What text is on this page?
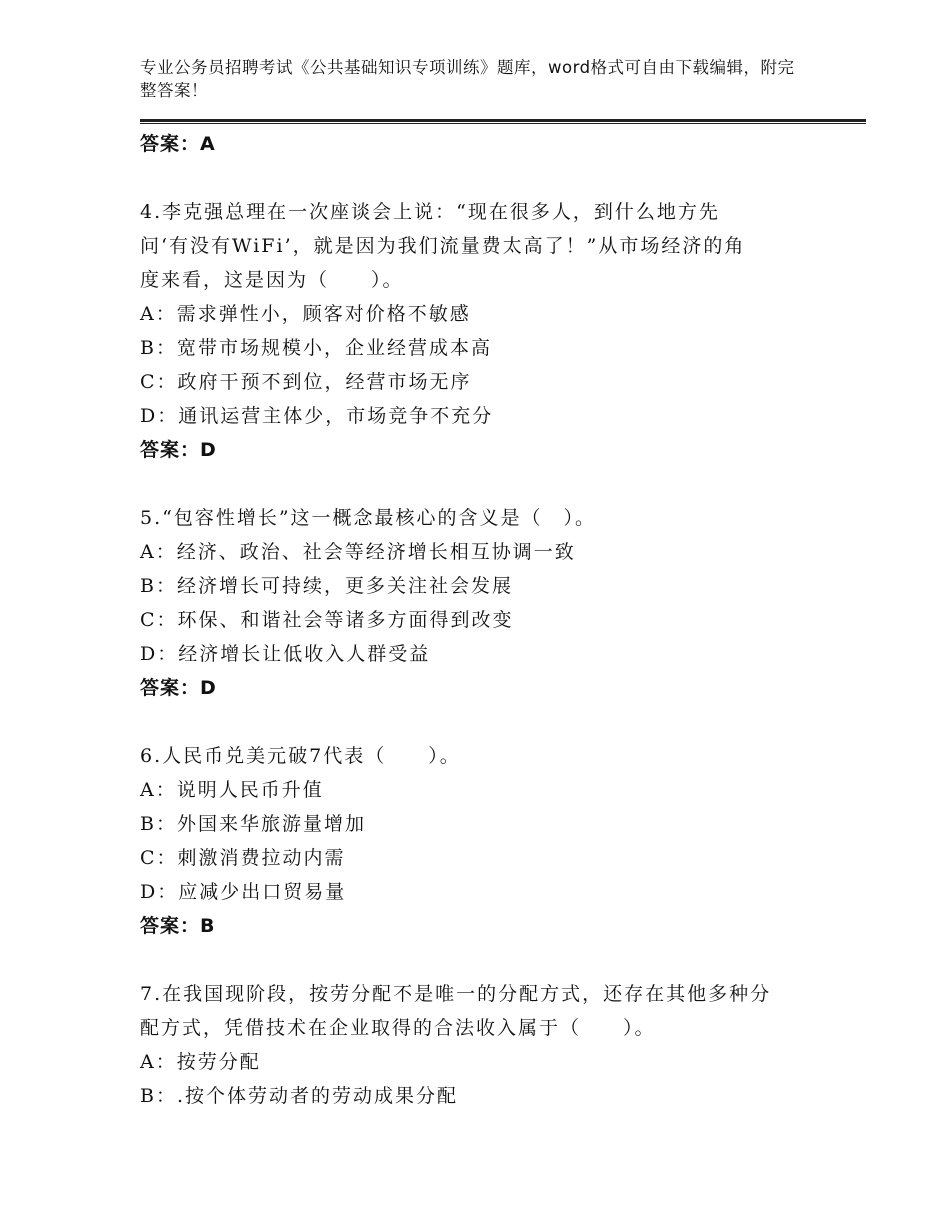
专业公务员招聘考试《公共基础知识专项训练》题库，word格式可自由下载编辑，附完整答案！
答案：A
4.李克强总理在一次座谈会上说：“现在很多人，到什么地方先
问‘有没有WiFi’，就是因为我们流量费太高了！”从市场经济的角
度来看，这是因为（　　）。
A：需求弹性小，顾客对价格不敏感
B：宽带市场规模小，企业经营成本高
C：政府干预不到位，经营市场无序
D：通讯运营主体少，市场竞争不充分
答案：D
5.“包容性增长”这一概念最核心的含义是（　）。
A：经济、政治、社会等经济增长相互协调一致
B：经济增长可持续，更多关注社会发展
C：环保、和谐社会等诸多方面得到改变
D：经济增长让低收入人群受益
答案：D
6.人民币兑美元破7代表（　　）。
A：说明人民币升值
B：外国来华旅游量增加
C：刺激消费拉动内需
D：应减少出口贸易量
答案：B
7.在我国现阶段，按劳分配不是唯一的分配方式，还存在其他多种分
配方式，凭借技术在企业取得的合法收入属于（　　）。
A：按劳分配
B：.按个体劳动者的劳动成果分配
